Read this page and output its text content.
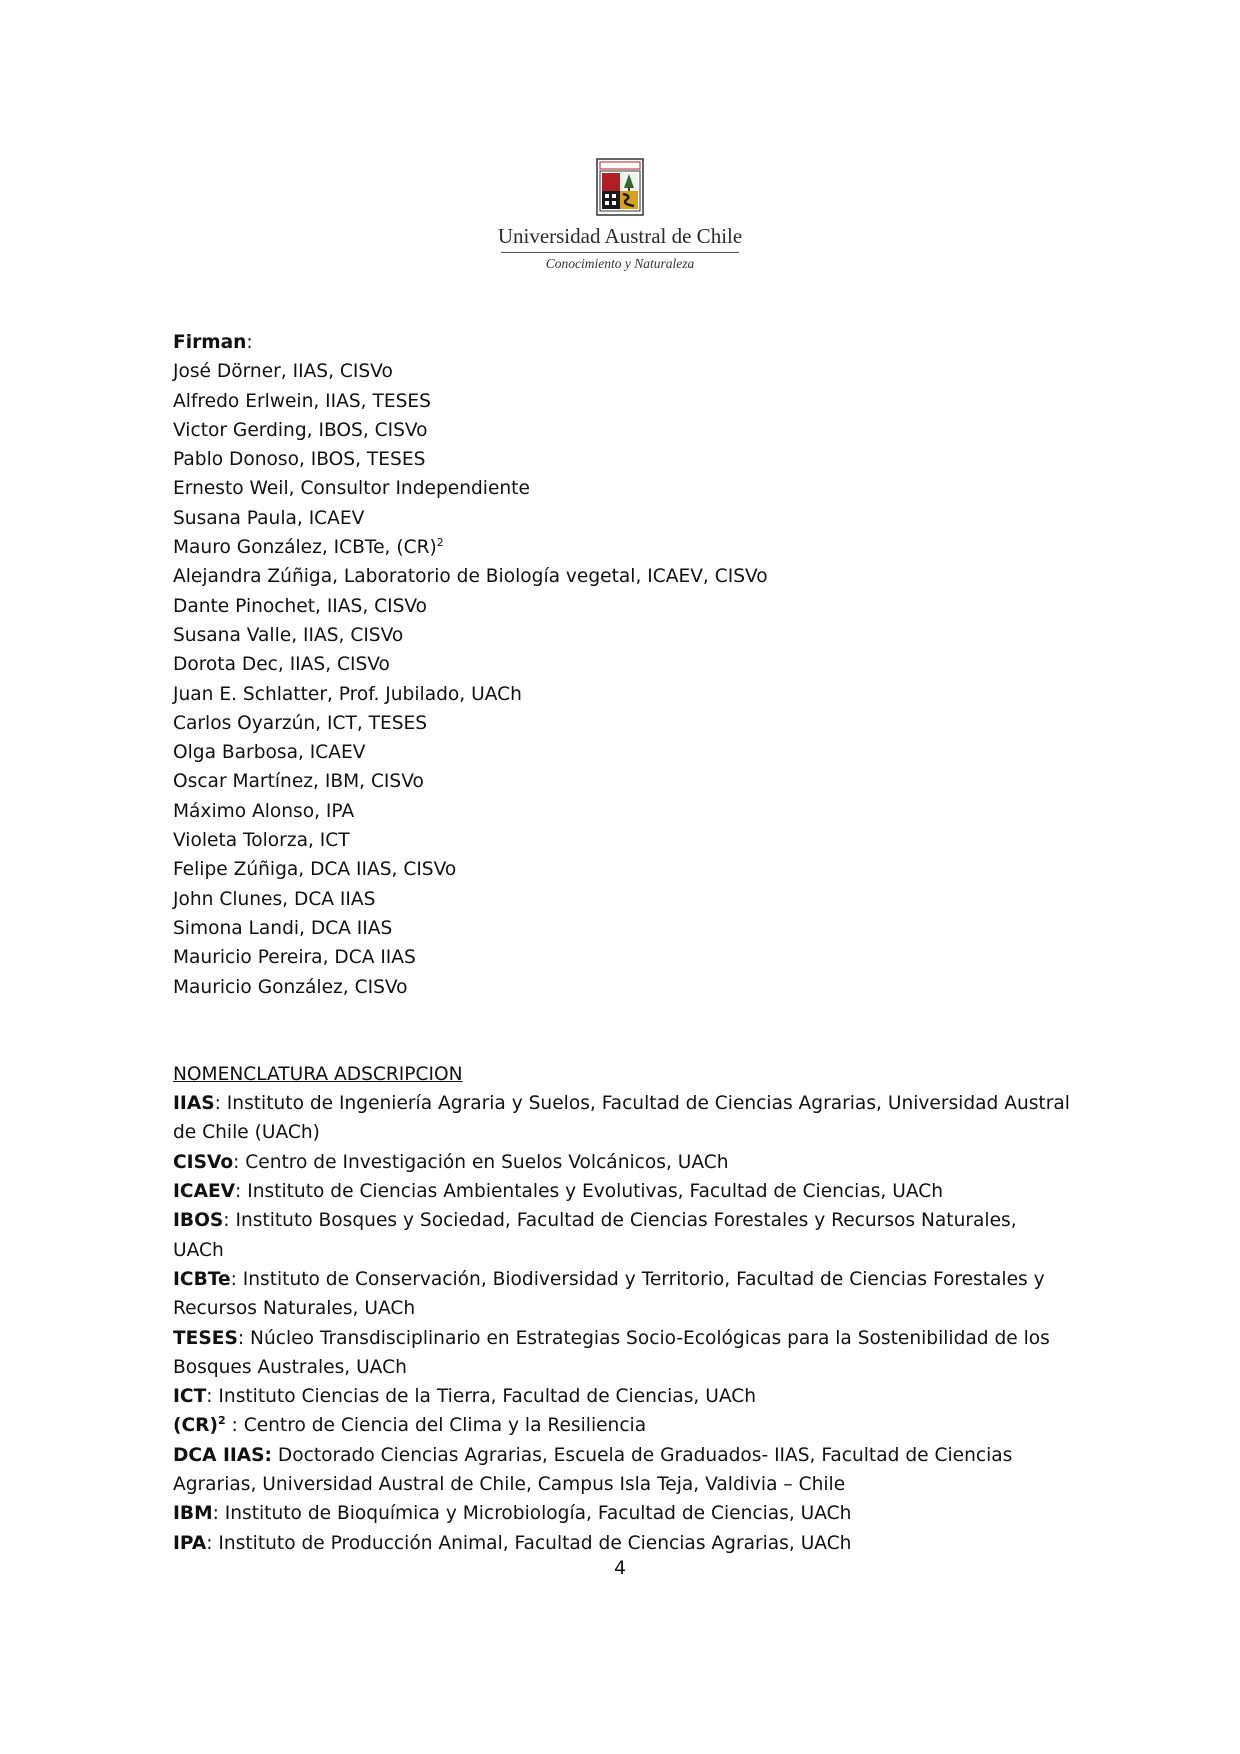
Universidad Austral de Chile
Conocimiento y Naturaleza
Firman:
José Dörner, IIAS, CISVo
Alfredo Erlwein, IIAS, TESES
Victor Gerding, IBOS, CISVo
Pablo Donoso, IBOS, TESES
Ernesto Weil, Consultor Independiente
Susana Paula, ICAEV
Mauro González, ICBTe, (CR)$^2$
Alejandra Zúñiga, Laboratorio de Biología vegetal, ICAEV, CISVo
Dante Pinochet, IIAS, CISVo
Susana Valle, IIAS, CISVo
Dorota Dec, IIAS, CISVo
Juan E. Schlatter, Prof. Jubilado, UACh
Carlos Oyarzún, ICT, TESES
Olga Barbosa, ICAEV
Oscar Martínez, IBM, CISVo
Máximo Alonso, IPA
Violeta Tolorza, ICT
Felipe Zúñiga, DCA IIAS, CISVo
John Clunes, DCA IIAS
Simona Landi, DCA IIAS
Mauricio Pereira, DCA IIAS
Mauricio González, CISVo
NOMENCLATURA ADSCRIPCION
IIAS: Instituto de Ingeniería Agraria y Suelos, Facultad de Ciencias Agrarias, Universidad Austral de Chile (UACh)
CISVo: Centro de Investigación en Suelos Volcánicos, UACh
ICAEV: Instituto de Ciencias Ambientales y Evolutivas, Facultad de Ciencias, UACh
IBOS: Instituto Bosques y Sociedad, Facultad de Ciencias Forestales y Recursos Naturales, UACh
ICBTe: Instituto de Conservación, Biodiversidad y Territorio, Facultad de Ciencias Forestales y Recursos Naturales, UACh
TESES: Núcleo Transdisciplinario en Estrategias Socio-Ecológicas para la Sostenibilidad de los Bosques Australes, UACh
ICT: Instituto Ciencias de la Tierra, Facultad de Ciencias, UACh
(CR)$^2$ : Centro de Ciencia del Clima y la Resiliencia
DCA IIAS: Doctorado Ciencias Agrarias, Escuela de Graduados- IIAS, Facultad de Ciencias Agrarias, Universidad Austral de Chile, Campus Isla Teja, Valdivia – Chile
IBM: Instituto de Bioquímica y Microbiología, Facultad de Ciencias, UACh
IPA: Instituto de Producción Animal, Facultad de Ciencias Agrarias, UACh
4
